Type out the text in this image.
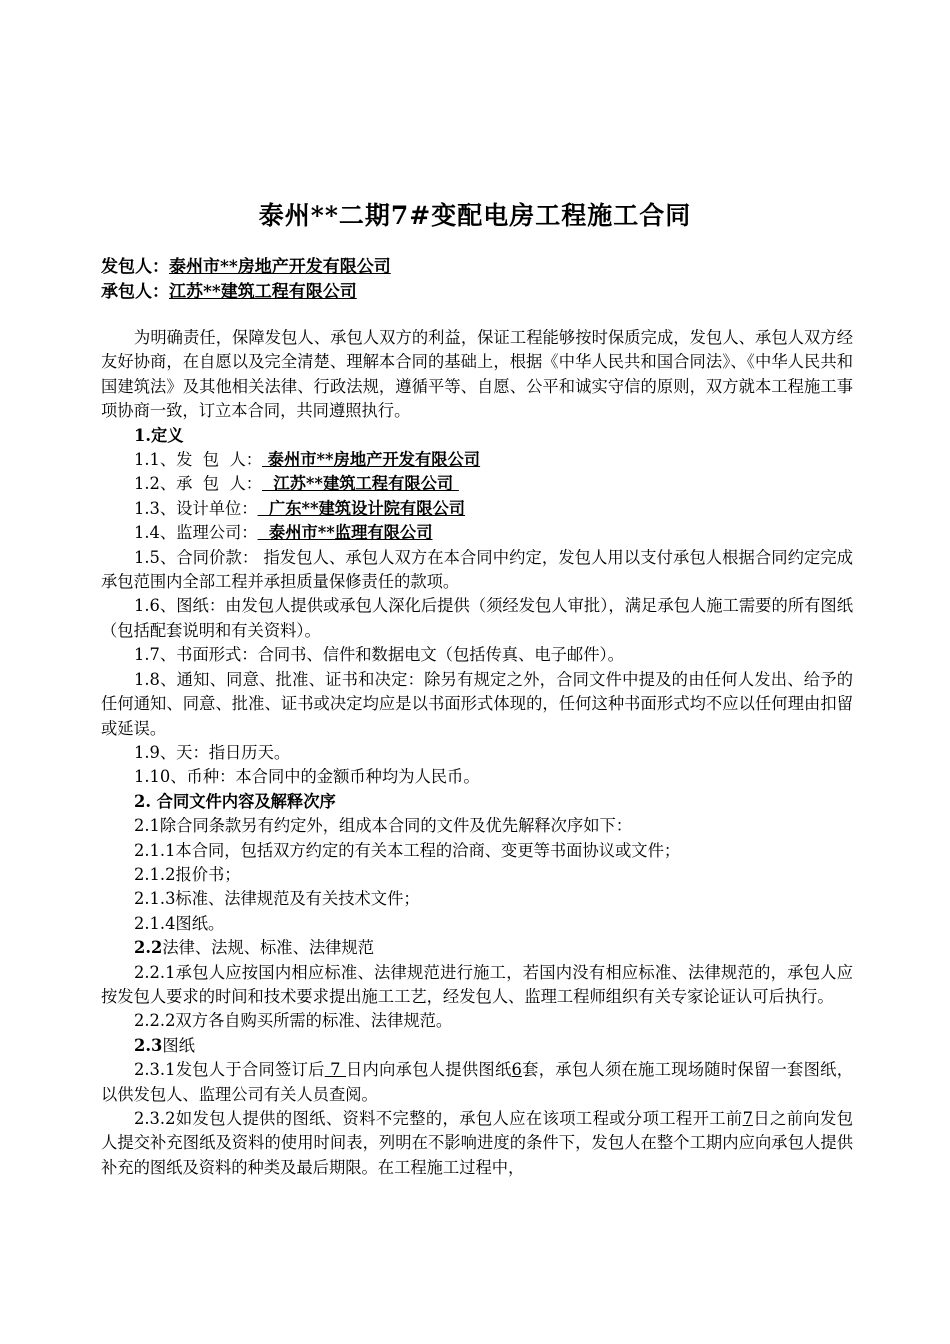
泰州**二期7#变配电房工程施工合同
发包人：泰州市**房地产开发有限公司
承包人：江苏**建筑工程有限公司

为明确责任，保障发包人、承包人双方的利益，保证工程能够按时保质完成，发包人、承包人双方经友好协商，在自愿以及完全清楚、理解本合同的基础上，根据《中华人民共和国合同法》、《中华人民共和国建筑法》及其他相关法律、行政法规，遵循平等、自愿、公平和诚实守信的原则，双方就本工程施工事项协商一致，订立本合同，共同遵照执行。

1.定义

1.1、发  包  人： 泰州市**房地产开发有限公司

1.2、承  包  人：  江苏**建筑工程有限公司

1.3、设计单位：  广东**建筑设计院有限公司

1.4、监理公司：  泰州市**监理有限公司

1.5、合同价款： 指发包人、承包人双方在本合同中约定，发包人用以支付承包人根据合同约定完成承包范围内全部工程并承担质量保修责任的款项。

1.6、图纸：由发包人提供或承包人深化后提供（须经发包人审批），满足承包人施工需要的所有图纸（包括配套说明和有关资料）。

1.7、书面形式：合同书、信件和数据电文（包括传真、电子邮件）。

1.8、通知、同意、批准、证书和决定：除另有规定之外，合同文件中提及的由任何人发出、给予的任何通知、同意、批准、证书或决定均应是以书面形式体现的，任何这种书面形式均不应以任何理由扣留或延误。

1.9、天：指日历天。

1.10、币种：本合同中的金额币种均为人民币。

2. 合同文件内容及解释次序

2.1除合同条款另有约定外，组成本合同的文件及优先解释次序如下：

2.1.1本合同，包括双方约定的有关本工程的洽商、变更等书面协议或文件；

2.1.2报价书；

2.1.3标准、法律规范及有关技术文件；

2.1.4图纸。

2.2法律、法规、标准、法律规范

2.2.1承包人应按国内相应标准、法律规范进行施工，若国内没有相应标准、法律规范的，承包人应按发包人要求的时间和技术要求提出施工工艺，经发包人、监理工程师组织有关专家论证认可后执行。

2.2.2双方各自购买所需的标准、法律规范。

2.3图纸

2.3.1发包人于合同签订后 7 日内向承包人提供图纸6套，承包人须在施工现场随时保留一套图纸，以供发包人、监理公司有关人员查阅。

2.3.2如发包人提供的图纸、资料不完整的，承包人应在该项工程或分项工程开工前7日之前向发包人提交补充图纸及资料的使用时间表，列明在不影响进度的条件下，发包人在整个工期内应向承包人提供补充的图纸及资料的种类及最后期限。在工程施工过程中，
